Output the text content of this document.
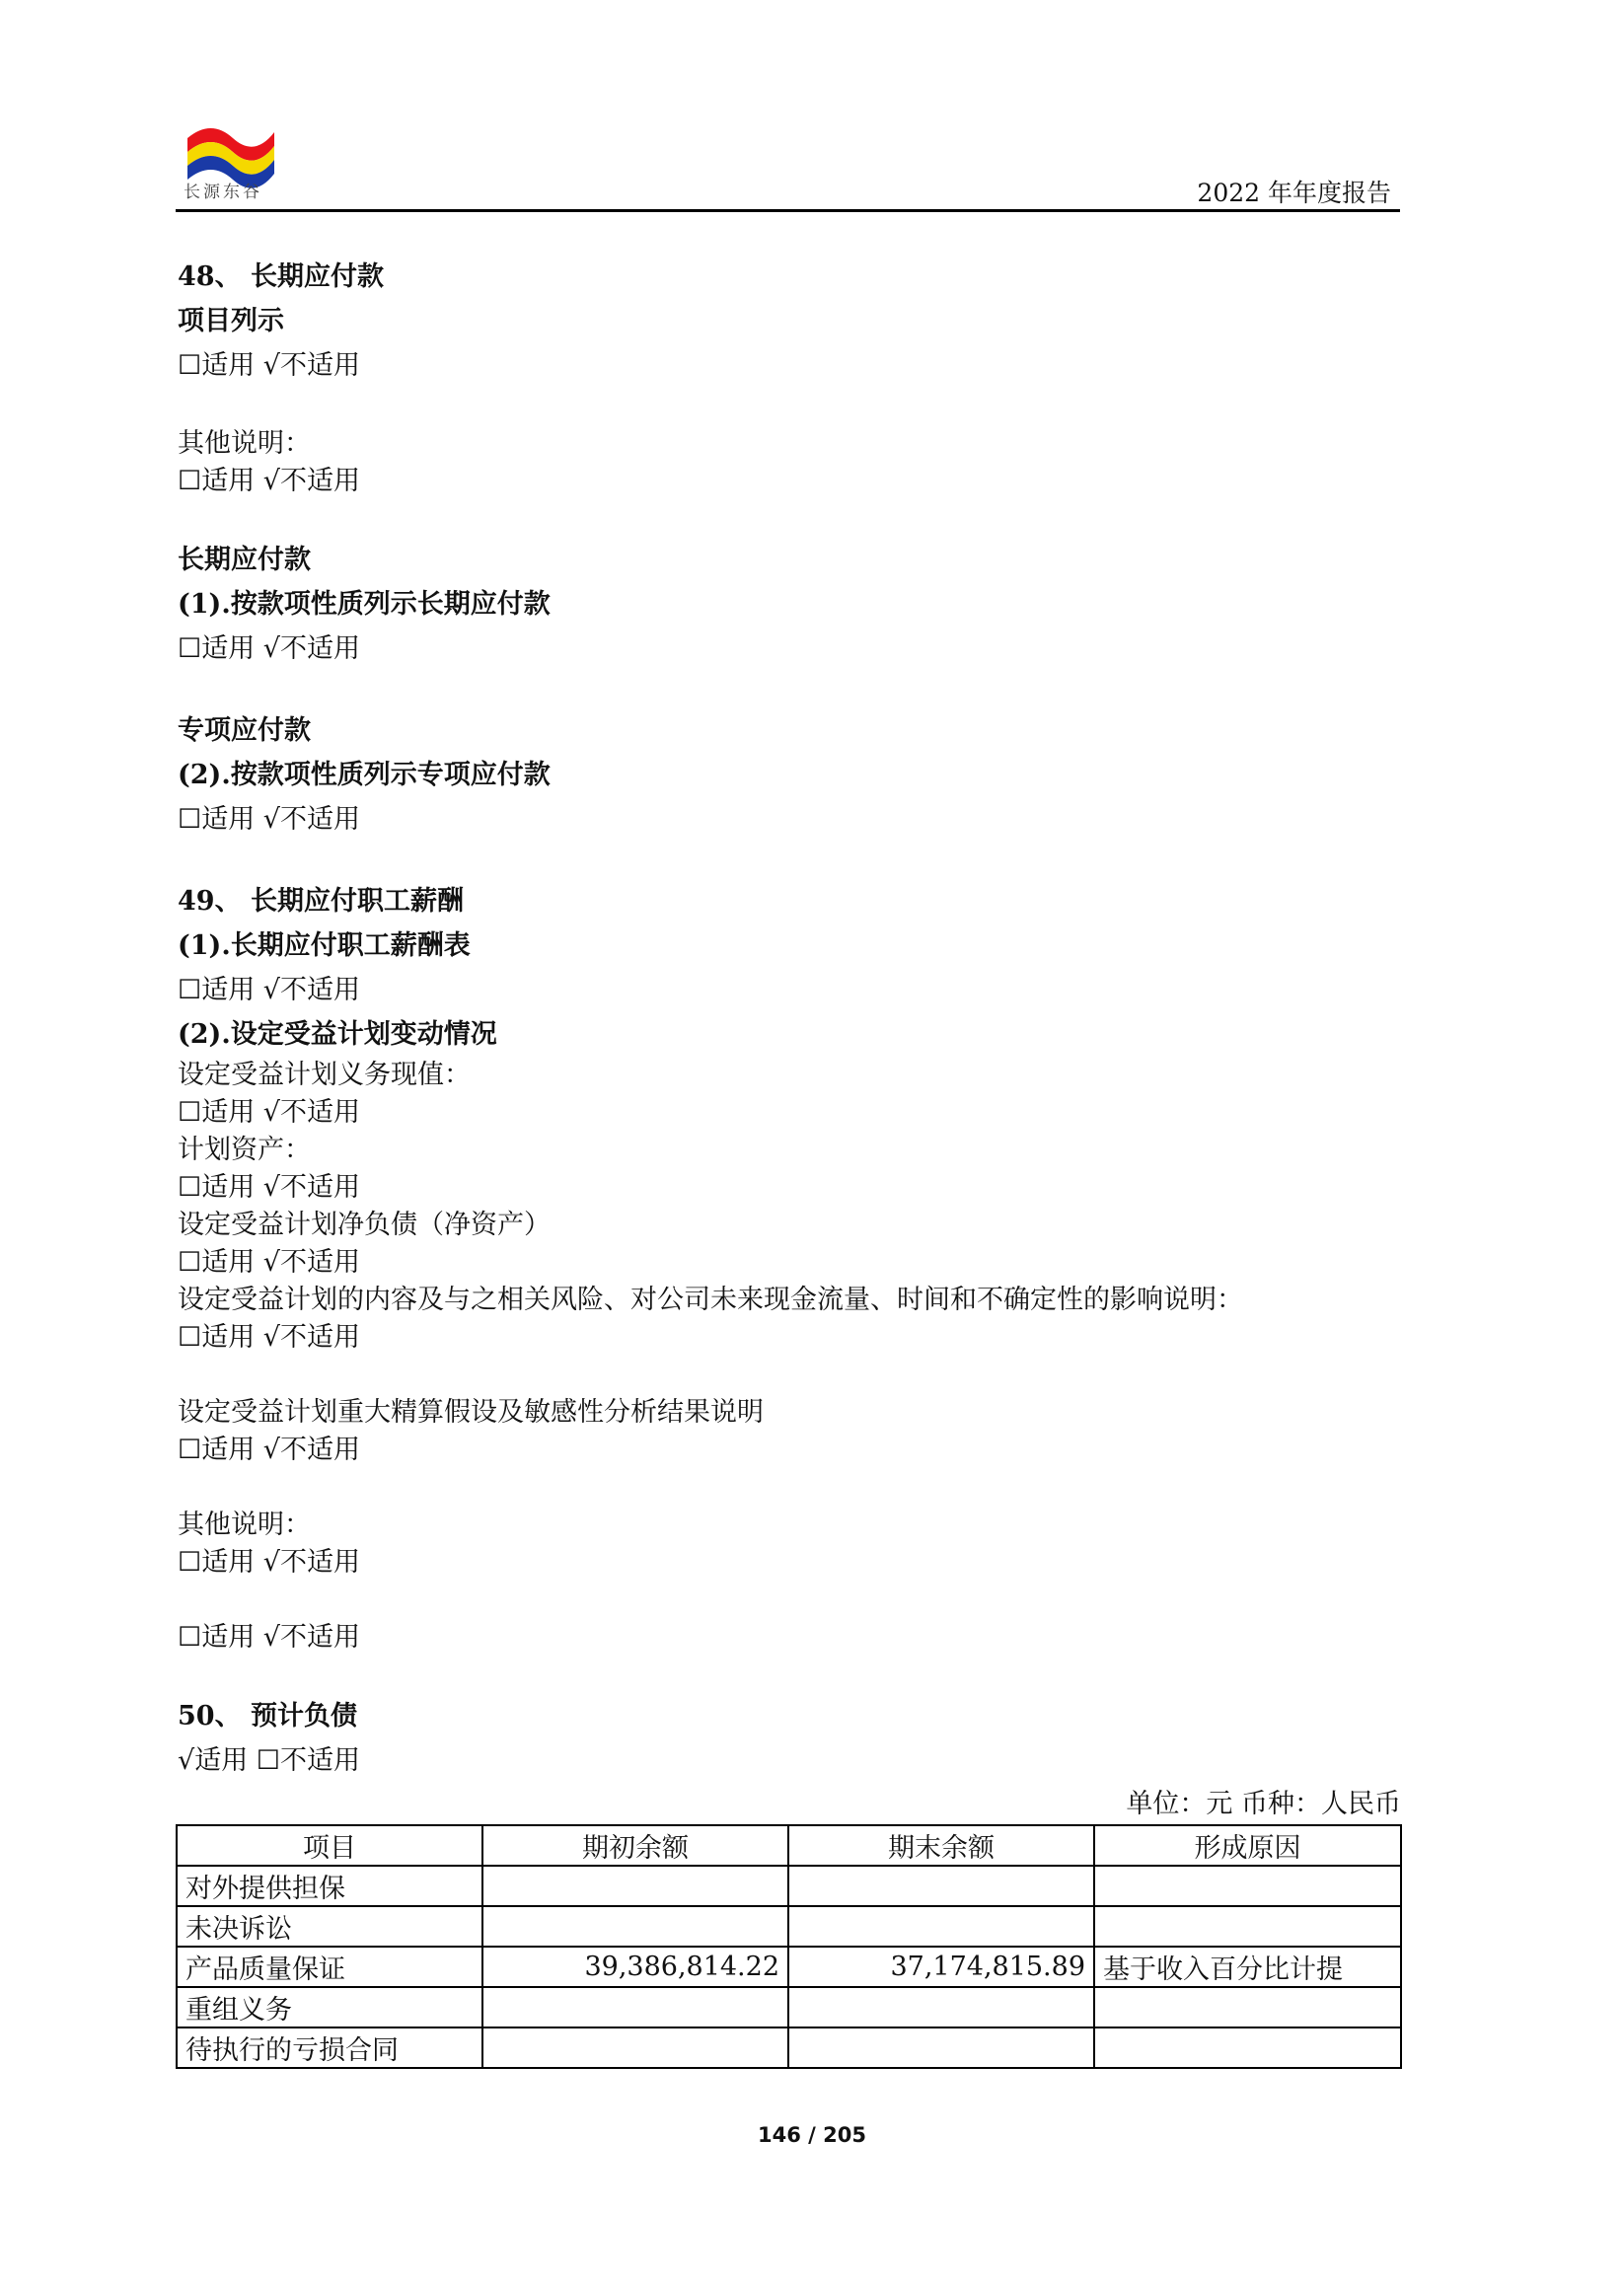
长源东谷	2022 年年度报告
48、 长期应付款
项目列示
☐适用 √不适用
其他说明：
☐适用 √不适用
长期应付款
(1).按款项性质列示长期应付款
☐适用 √不适用
专项应付款
(2).按款项性质列示专项应付款
☐适用 √不适用
49、 长期应付职工薪酬
(1).长期应付职工薪酬表
☐适用 √不适用
(2).设定受益计划变动情况
设定受益计划义务现值：
☐适用 √不适用
计划资产：
☐适用 √不适用
设定受益计划净负债（净资产）
☐适用 √不适用
设定受益计划的内容及与之相关风险、对公司未来现金流量、时间和不确定性的影响说明：
☐适用 √不适用
设定受益计划重大精算假设及敏感性分析结果说明
☐适用 √不适用
其他说明：
☐适用 √不适用
☐适用 √不适用
50、 预计负债
√适用 ☐不适用
单位：元 币种：人民币
项目	期初余额	期末余额	形成原因
对外提供担保			
未决诉讼			
产品质量保证	39,386,814.22	37,174,815.89	基于收入百分比计提
重组义务			
待执行的亏损合同			
146 / 205
